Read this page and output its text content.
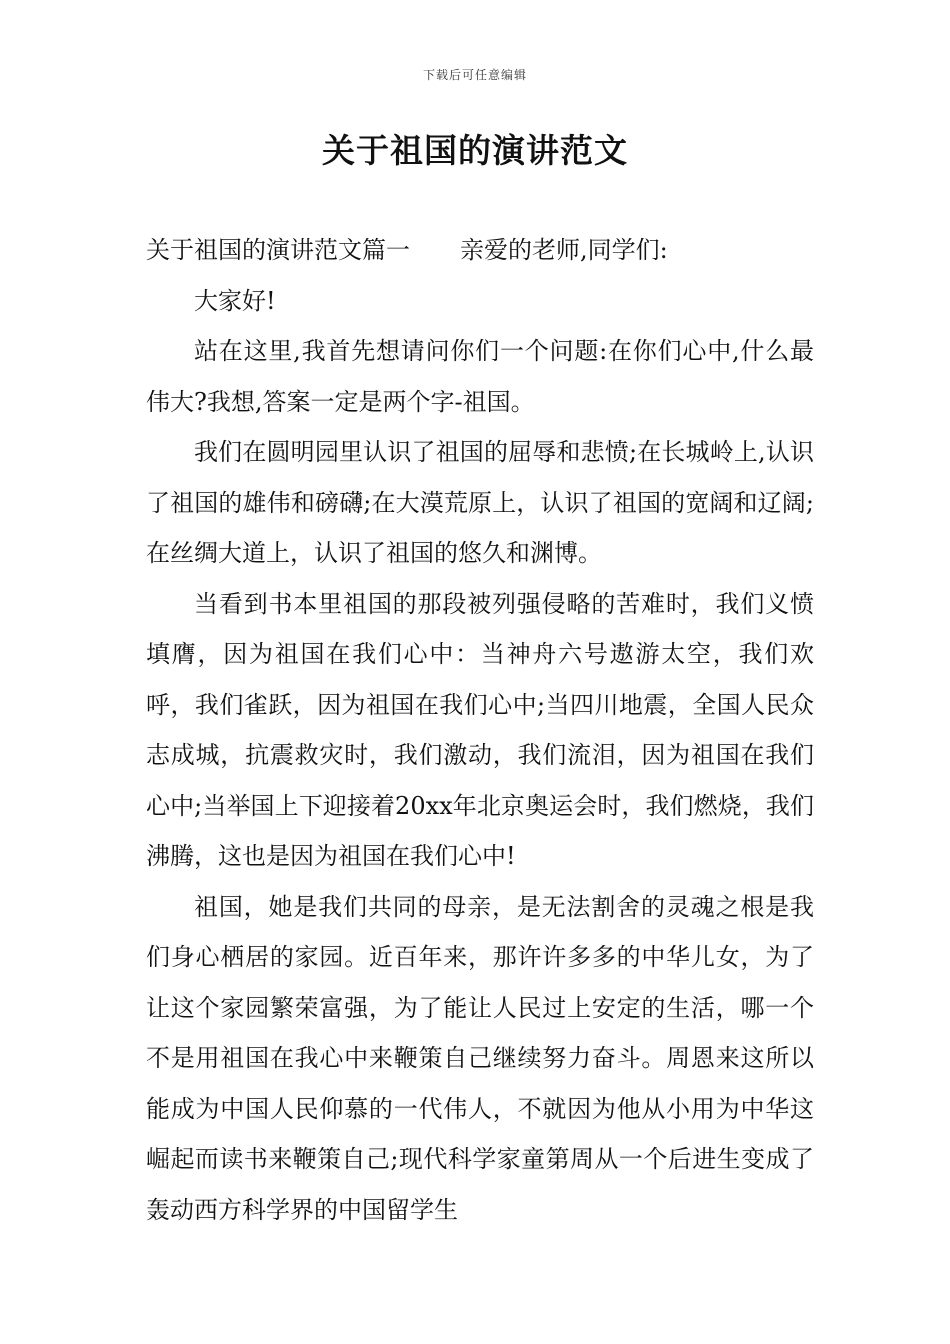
下载后可任意编辑
关于祖国的演讲范文

关于祖国的演讲范文篇一 亲爱的老师,同学们:

大家好!

站在这里,我首先想请问你们一个问题:在你们心中,什么最伟大?我想,答案一定是两个字-祖国。

我们在圆明园里认识了祖国的屈辱和悲愤;在长城岭上,认识了祖国的雄伟和磅礴;在大漠荒原上，认识了祖国的宽阔和辽阔;在丝绸大道上，认识了祖国的悠久和渊博。

当看到书本里祖国的那段被列强侵略的苦难时，我们义愤填膺，因为祖国在我们心中：当神舟六号遨游太空，我们欢呼，我们雀跃，因为祖国在我们心中;当四川地震，全国人民众志成城，抗震救灾时，我们激动，我们流泪，因为祖国在我们心中;当举国上下迎接着20xx年北京奥运会时，我们燃烧，我们沸腾，这也是因为祖国在我们心中!

祖国，她是我们共同的母亲，是无法割舍的灵魂之根是我们身心栖居的家园。近百年来，那许许多多的中华儿女，为了让这个家园繁荣富强，为了能让人民过上安定的生活，哪一个不是用祖国在我心中来鞭策自己继续努力奋斗。周恩来这所以能成为中国人民仰慕的一代伟人，不就因为他从小用为中华这崛起而读书来鞭策自己;现代科学家童第周从一个后进生变成了轰动西方科学界的中国留学生
